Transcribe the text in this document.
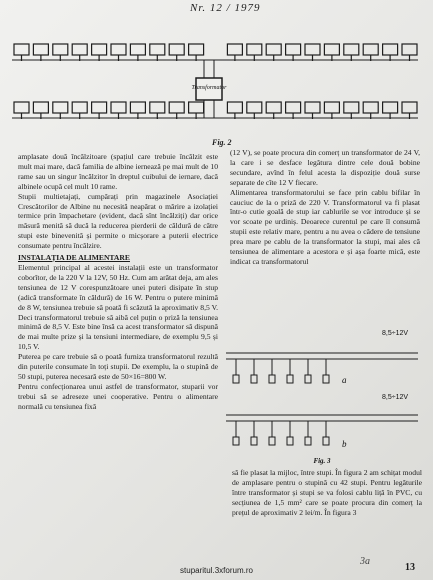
Nr. 12 / 1979
Transformator
Fig. 2

amplasate două încălzitoare (spațiul care trebuie încălzit este mult mai mare, dacă familia de albine iernează pe mai mult de 10 rame sau un singur încălzitor în dreptul cuibului de iernare, dacă albinele ocupă cel mult 10 rame.

Stupii multietajați, cumpărați prin magazinele Asociației Crescătorilor de Albine nu necesită neapărat o mărire a izolației termice prin împachetare (evident, dacă sînt încălziți) dar orice măsură menită să ducă la reducerea pierderii de căldură de către stupi este binevenită și permite o micșorare a puterii electrice consumate pentru încălzire.

INSTALAȚIA DE ALIMENTARE

Elementul principal al acestei instalații este un transformator coborîtor, de la 220 V la 12V, 50 Hz. Cum am arătat deja, am ales tensiunea de 12 V corespunzătoare unei puteri disipate în stup (adică transformate în căldură) de 16 W. Pentru o putere minimă de 8 W, tensiunea trebuie să poată fi scăzută la aproximativ 8,5 V. Deci transformatorul trebuie să aibă cel puțin o priză la tensiunea minimă de 8,5 V. Este bine însă ca acest transformator să dispună de mai multe prize și la tensiuni intermediare, de exemplu 9,5 și 10,5 V.

Puterea pe care trebuie să o poată furniza transformatorul rezultă din puterile consumate în toți stupii. De exemplu, la o stupină de 50 stupi, puterea necesară este de 50×16=800 W.

Pentru confecționarea unui astfel de transformator, stuparii vor trebui să se adreseze unei cooperative. Pentru o alimentare normală cu tensiunea fixă

(12 V), se poate procura din comerț un transformator de 24 V, la care i se desface legătura dintre cele două bobine secundare, avînd în felul acesta la dispoziție două surse separate de cîte 12 V fiecare.

Alimentarea transformatorului se face prin cablu bifilar în cauciuc de la o priză de 220 V. Transformatorul va fi plasat într-o cutie goală de stup iar cablurile se vor introduce și se vor scoate pe urdiniș. Deoarece curentul pe care îl consumă stupii este relativ mare, pentru a nu avea o cădere de tensiune prea mare pe cablu de la transformator la stupi, mai ales că tensiunea de alimentare a acestora e și așa foarte mică, este indicat ca transformatorul

8,5÷12V
8,5÷12V
a
b
Fig. 3

să fie plasat la mijloc, între stupi. În figura 2 am schițat modul de amplasare pentru o stupină cu 42 stupi. Pentru legăturile între transformator și stupi se va folosi cablu liță în PVC, cu secțiunea de 1,5 mm² care se poate procura din comerț la prețul de aproximativ 2 lei/m. În figura 3

3a
13
stuparitul.3xforum.ro
